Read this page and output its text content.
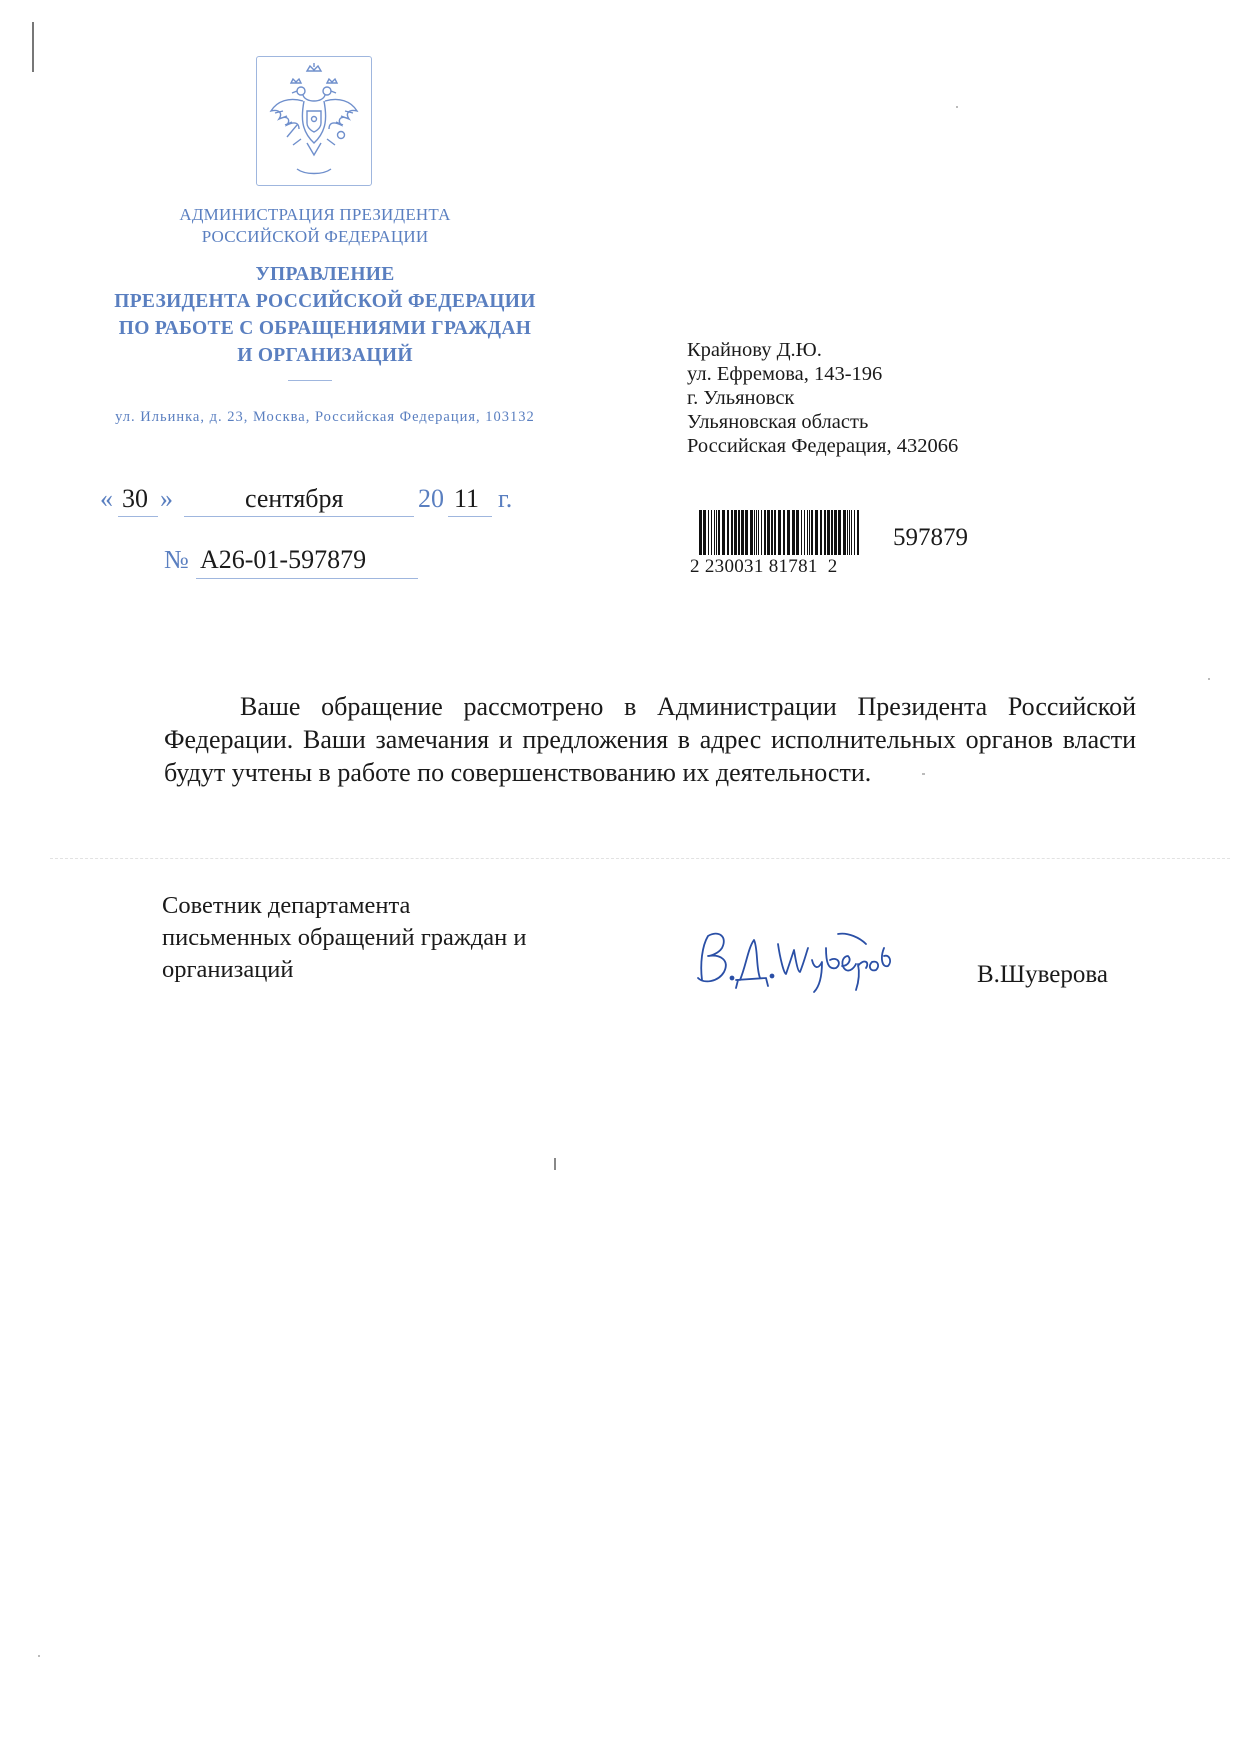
АДМИНИСТРАЦИЯ ПРЕЗИДЕНТА
РОССИЙСКОЙ ФЕДЕРАЦИИ
УПРАВЛЕНИЕ
ПРЕЗИДЕНТА РОССИЙСКОЙ ФЕДЕРАЦИИ
ПО РАБОТЕ С ОБРАЩЕНИЯМИ ГРАЖДАН
И ОРГАНИЗАЦИЙ
ул. Ильинка, д. 23, Москва, Российская Федерация, 103132
« 30 »	сентября	20 11 г.
№ А26-01-597879
Крайнову Д.Ю.
ул. Ефремова, 143-196
г. Ульяновск
Ульяновская область
Российская Федерация, 432066
2 230031 81781  2
597879
Ваше обращение рассмотрено в Администрации Президента Российской Федерации. Ваши замечания и предложения в адрес исполнительных органов власти будут учтены в работе по совершенствованию их деятельности.
Советник департамента
письменных обращений граждан и
организаций	В.Шуверова
